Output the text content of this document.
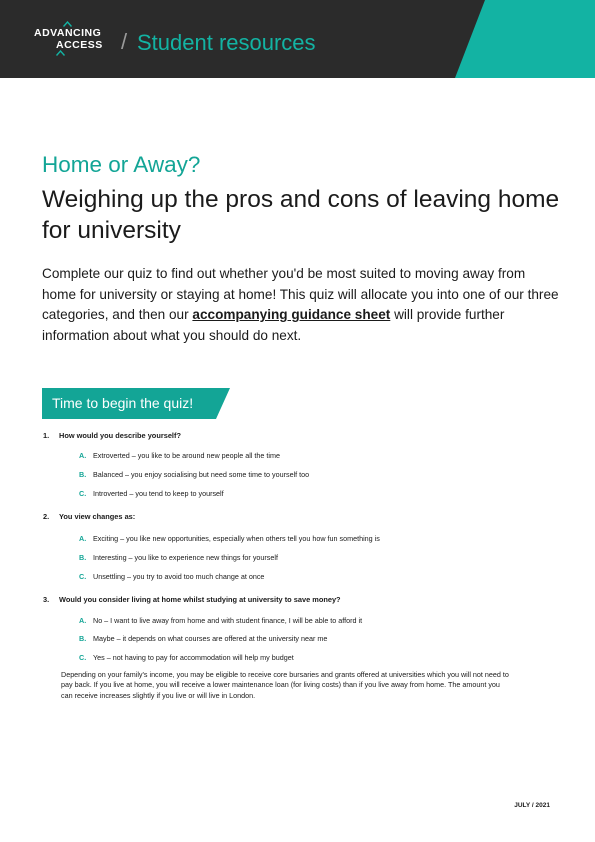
ADVANCING
ACCESS / Student resources
Home or Away?
Weighing up the pros and cons of leaving home for university

Complete our quiz to find out whether you'd be most suited to moving away from home for university or staying at home! This quiz will allocate you into one of our three categories, and then our accompanying guidance sheet will provide further information about what you should do next.

Time to begin the quiz!
1. How would you describe yourself?
A. Extroverted – you like to be around new people all the time
B. Balanced – you enjoy socialising but need some time to yourself too
C. Introverted – you tend to keep to yourself
2. You view changes as:
A. Exciting – you like new opportunities, especially when others tell you how fun something is
B. Interesting – you like to experience new things for yourself
C. Unsettling – you try to avoid too much change at once
3. Would you consider living at home whilst studying at university to save money?
A. No – I want to live away from home and with student finance, I will be able to afford it
B. Maybe – it depends on what courses are offered at the university near me
C. Yes – not having to pay for accommodation will help my budget

Depending on your family's income, you may be eligible to receive core bursaries and grants offered at universities which you will not need to pay back. If you live at home, you will receive a lower maintenance loan (for living costs) than if you live away from home. The amount you can receive increases slightly if you live or will live in London.

JULY / 2021
